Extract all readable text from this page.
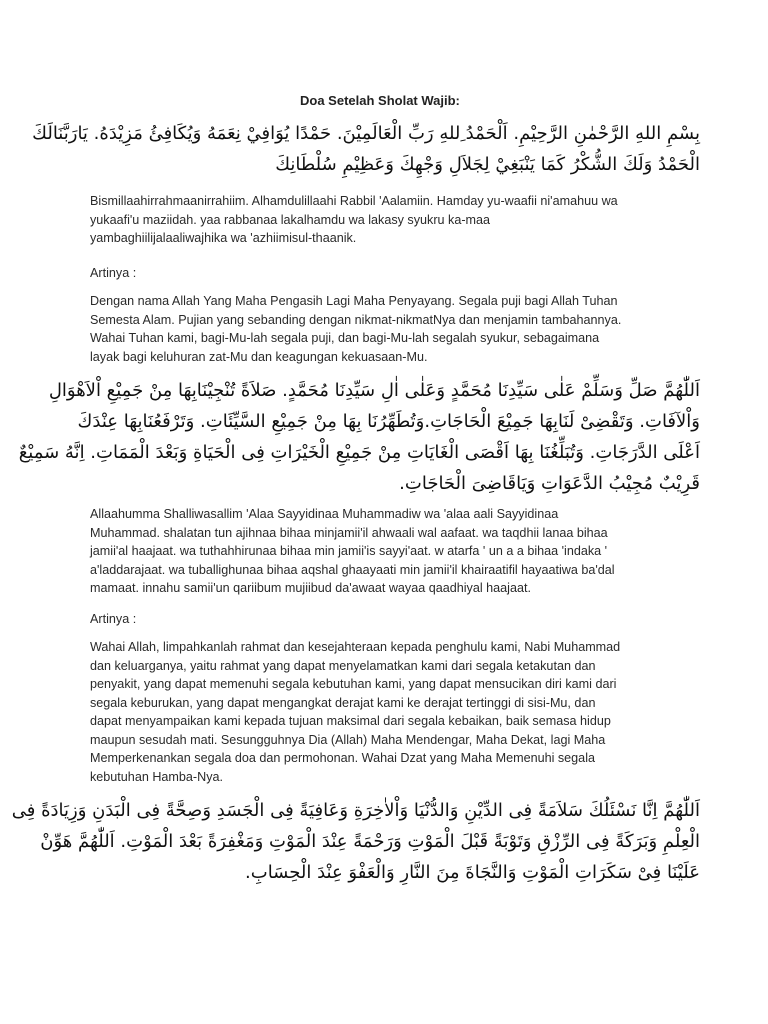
Doa Setelah Sholat Wajib:
بِسْمِ اللهِ الرَّحْمٰنِ الرَّحِيْمِ. اَلْحَمْدُ ِللهِ رَبِّ الْعَالَمِيْنَ. حَمْدًا يُوَافِيْ نِعَمَهُ وَيُكَافِئُ مَزِيْدَهُ. يَارَبَّنَالَكَ
الْحَمْدُ وَلَكَ الشُّكْرُ كَمَا يَنْبَغِيْ لِجَلاَلِ وَجْهِكَ وَعَظِيْمِ سُلْطَانِكَ
Bismillaahirrahmaanirrahiim. Alhamdulillaahi Rabbil 'Aalamiin. Hamday yu-waafii ni'amahuu wa
yukaafi'u maziidah. yaa rabbanaa lakalhamdu wa lakasy syukru ka-maa
yambaghiilijalaaliwajhika wa 'azhiimisul-thaanik.
Artinya :
Dengan nama Allah Yang Maha Pengasih Lagi Maha Penyayang. Segala puji bagi Allah Tuhan
Semesta Alam. Pujian yang sebanding dengan nikmat-nikmatNya dan menjamin tambahannya.
Wahai Tuhan kami, bagi-Mu-lah segala puji, dan bagi-Mu-lah segalah syukur, sebagaimana
layak bagi keluhuran zat-Mu dan keagungan kekuasaan-Mu.
اَللّٰهُمَّ صَلِّ وَسَلِّمْ عَلٰى سَيِّدِنَا مُحَمَّدٍ وَعَلٰى اٰلِ سَيِّدِنَا مُحَمَّدٍ. صَلاَةً تُنْجِيْنَابِهَا مِنْ جَمِيْعِ اْلاَهْوَالِ
وَاْلآفَاتِ. وَتَقْضِىْ لَنَابِهَا جَمِيْعَ الْحَاجَاتِ.وَتُطَهِّرُنَا بِهَا مِنْ جَمِيْعِ السَّيِّئَاتِ. وَتَرْفَعُنَابِهَا عِنْدَكَ
اَعْلَى الدَّرَجَاتِ. وَتُبَلِّغُنَا بِهَا اَقْصَى الْغَايَاتِ مِنْ جَمِيْعِ الْخَيْرَاتِ فِى الْحَيَاةِ وَبَعْدَ الْمَمَاتِ. اِنَّهُ سَمِيْعٌ
قَرِيْبٌ مُجِيْبُ الدَّعَوَاتِ وَيَاقَاضِىَ الْحَاجَاتِ.
Allaahumma Shalliwasallim 'Alaa Sayyidinaa Muhammadiw wa 'alaa aali Sayyidinaa
Muhammad. shalatan tun ajihnaa bihaa minjamii'il ahwaali wal aafaat. wa taqdhii lanaa bihaa
jamii'al haajaat. wa tuthahhirunaa bihaa min jamii'is sayyi'aat. w atarfa ' un a a bihaa 'indaka '
a'laddarajaat. wa tuballighunaa bihaa aqshal ghaayaati min jamii'il khairaatifil hayaatiwa ba'dal
mamaat. innahu samii'un qariibum mujiibud da'awaat wayaa qaadhiyal haajaat.
Artinya :
Wahai Allah, limpahkanlah rahmat dan kesejahteraan kepada penghulu kami, Nabi Muhammad
dan keluarganya, yaitu rahmat yang dapat menyelamatkan kami dari segala ketakutan dan
penyakit, yang dapat memenuhi segala kebutuhan kami, yang dapat mensucikan diri kami dari
segala keburukan, yang dapat mengangkat derajat kami ke derajat tertinggi di sisi-Mu, dan
dapat menyampaikan kami kepada tujuan maksimal dari segala kebaikan, baik semasa hidup
maupun sesudah mati. Sesungguhnya Dia (Allah) Maha Mendengar, Maha Dekat, lagi Maha
Memperkenankan segala doa dan permohonan. Wahai Dzat yang Maha Memenuhi segala
kebutuhan Hamba-Nya.
اَللّٰهُمَّ اِنَّا نَسْئَلُكَ سَلاَمَةً فِى الدِّيْنِ وَالدُّنْيَا وَاْلاٰخِرَةِ وَعَافِيَةً فِى الْجَسَدِ وَصِحَّةً فِى الْبَدَنِ وَزِيَادَةً فِى
الْعِلْمِ وَبَرَكَةً فِى الرِّزْقِ وَتَوْبَةً قَبْلَ الْمَوْتِ وَرَحْمَةً عِنْدَ الْمَوْتِ وَمَغْفِرَةً بَعْدَ الْمَوْتِ. اَللّٰهُمَّ هَوِّنْ
عَلَيْنَا فِىْ سَكَرَاتِ الْمَوْتِ وَالنَّجَاةَ مِنَ النَّارِ وَالْعَفْوَ عِنْدَ الْحِسَابِ.
